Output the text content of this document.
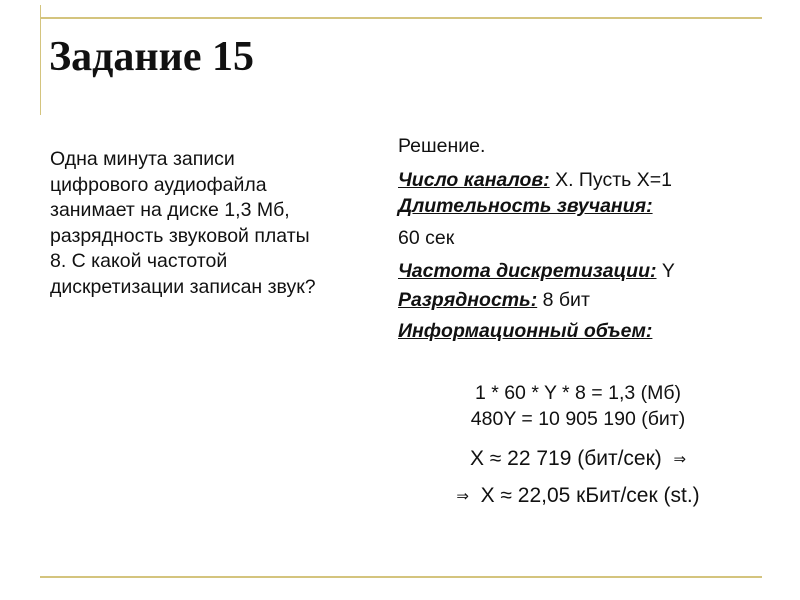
Задание 15
Одна минута записи
цифрового аудиофайла
занимает на диске 1,3 Мб,
разрядность звуковой платы
8. С какой частотой
дискретизации записан звук?
Решение.
Число каналов: X. Пусть X=1
Длительность звучания:
60 сек
Частота дискретизации: Y
Разрядность: 8 бит
Информационный объем:
1 * 60 * Y * 8 = 1,3 (Мб)
480Y = 10 905 190 (бит)
X ≈ 22 719 (бит/сек) ⇒
⇒ X ≈ 22,05 кБит/сек (st.)
